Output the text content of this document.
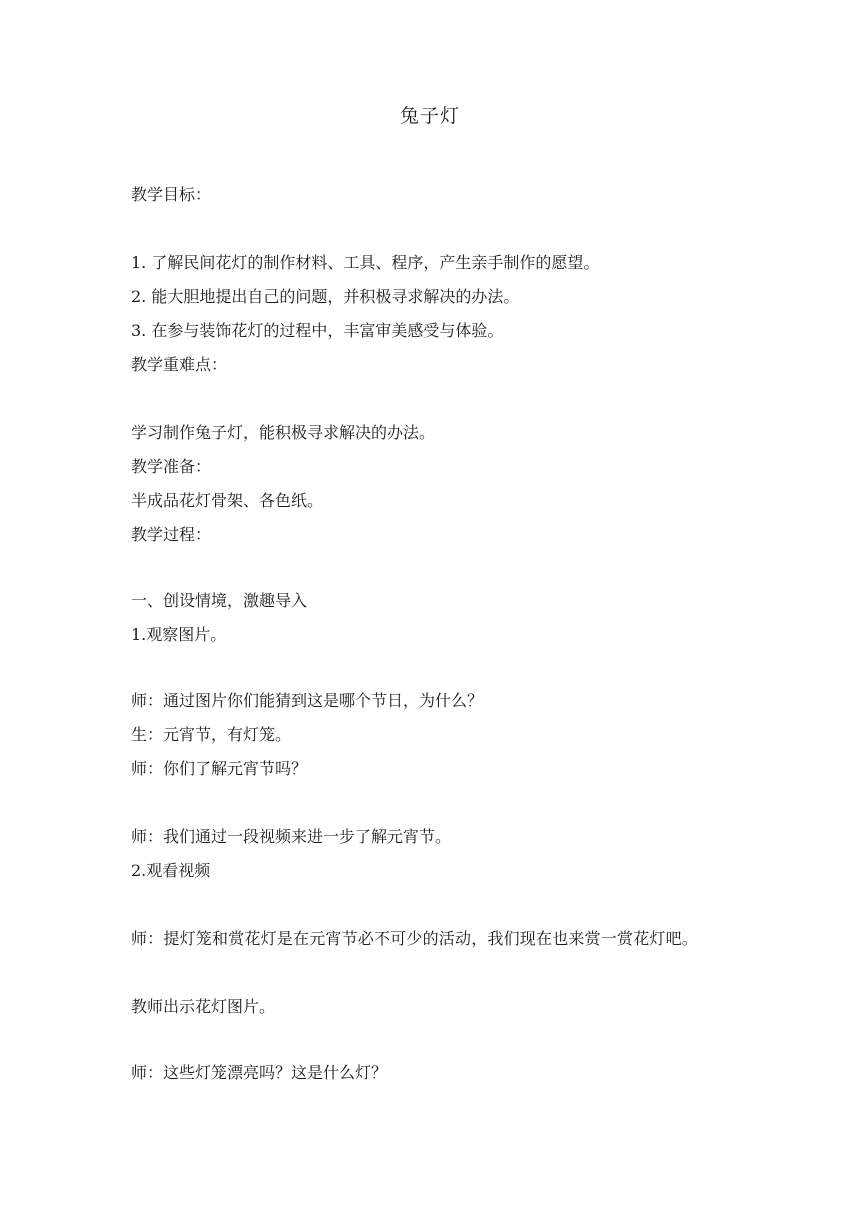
兔子灯
教学目标：
1. 了解民间花灯的制作材料、工具、程序，产生亲手制作的愿望。
2. 能大胆地提出自己的问题，并积极寻求解决的办法。
3. 在参与装饰花灯的过程中，丰富审美感受与体验。
教学重难点：
学习制作兔子灯，能积极寻求解决的办法。
教学准备：
半成品花灯骨架、各色纸。
教学过程：
一、创设情境，激趣导入
1.观察图片。
师：通过图片你们能猜到这是哪个节日，为什么？
生：元宵节，有灯笼。
师：你们了解元宵节吗？
师：我们通过一段视频来进一步了解元宵节。
2.观看视频
师：提灯笼和赏花灯是在元宵节必不可少的活动，我们现在也来赏一赏花灯吧。
教师出示花灯图片。
师：这些灯笼漂亮吗？这是什么灯？
